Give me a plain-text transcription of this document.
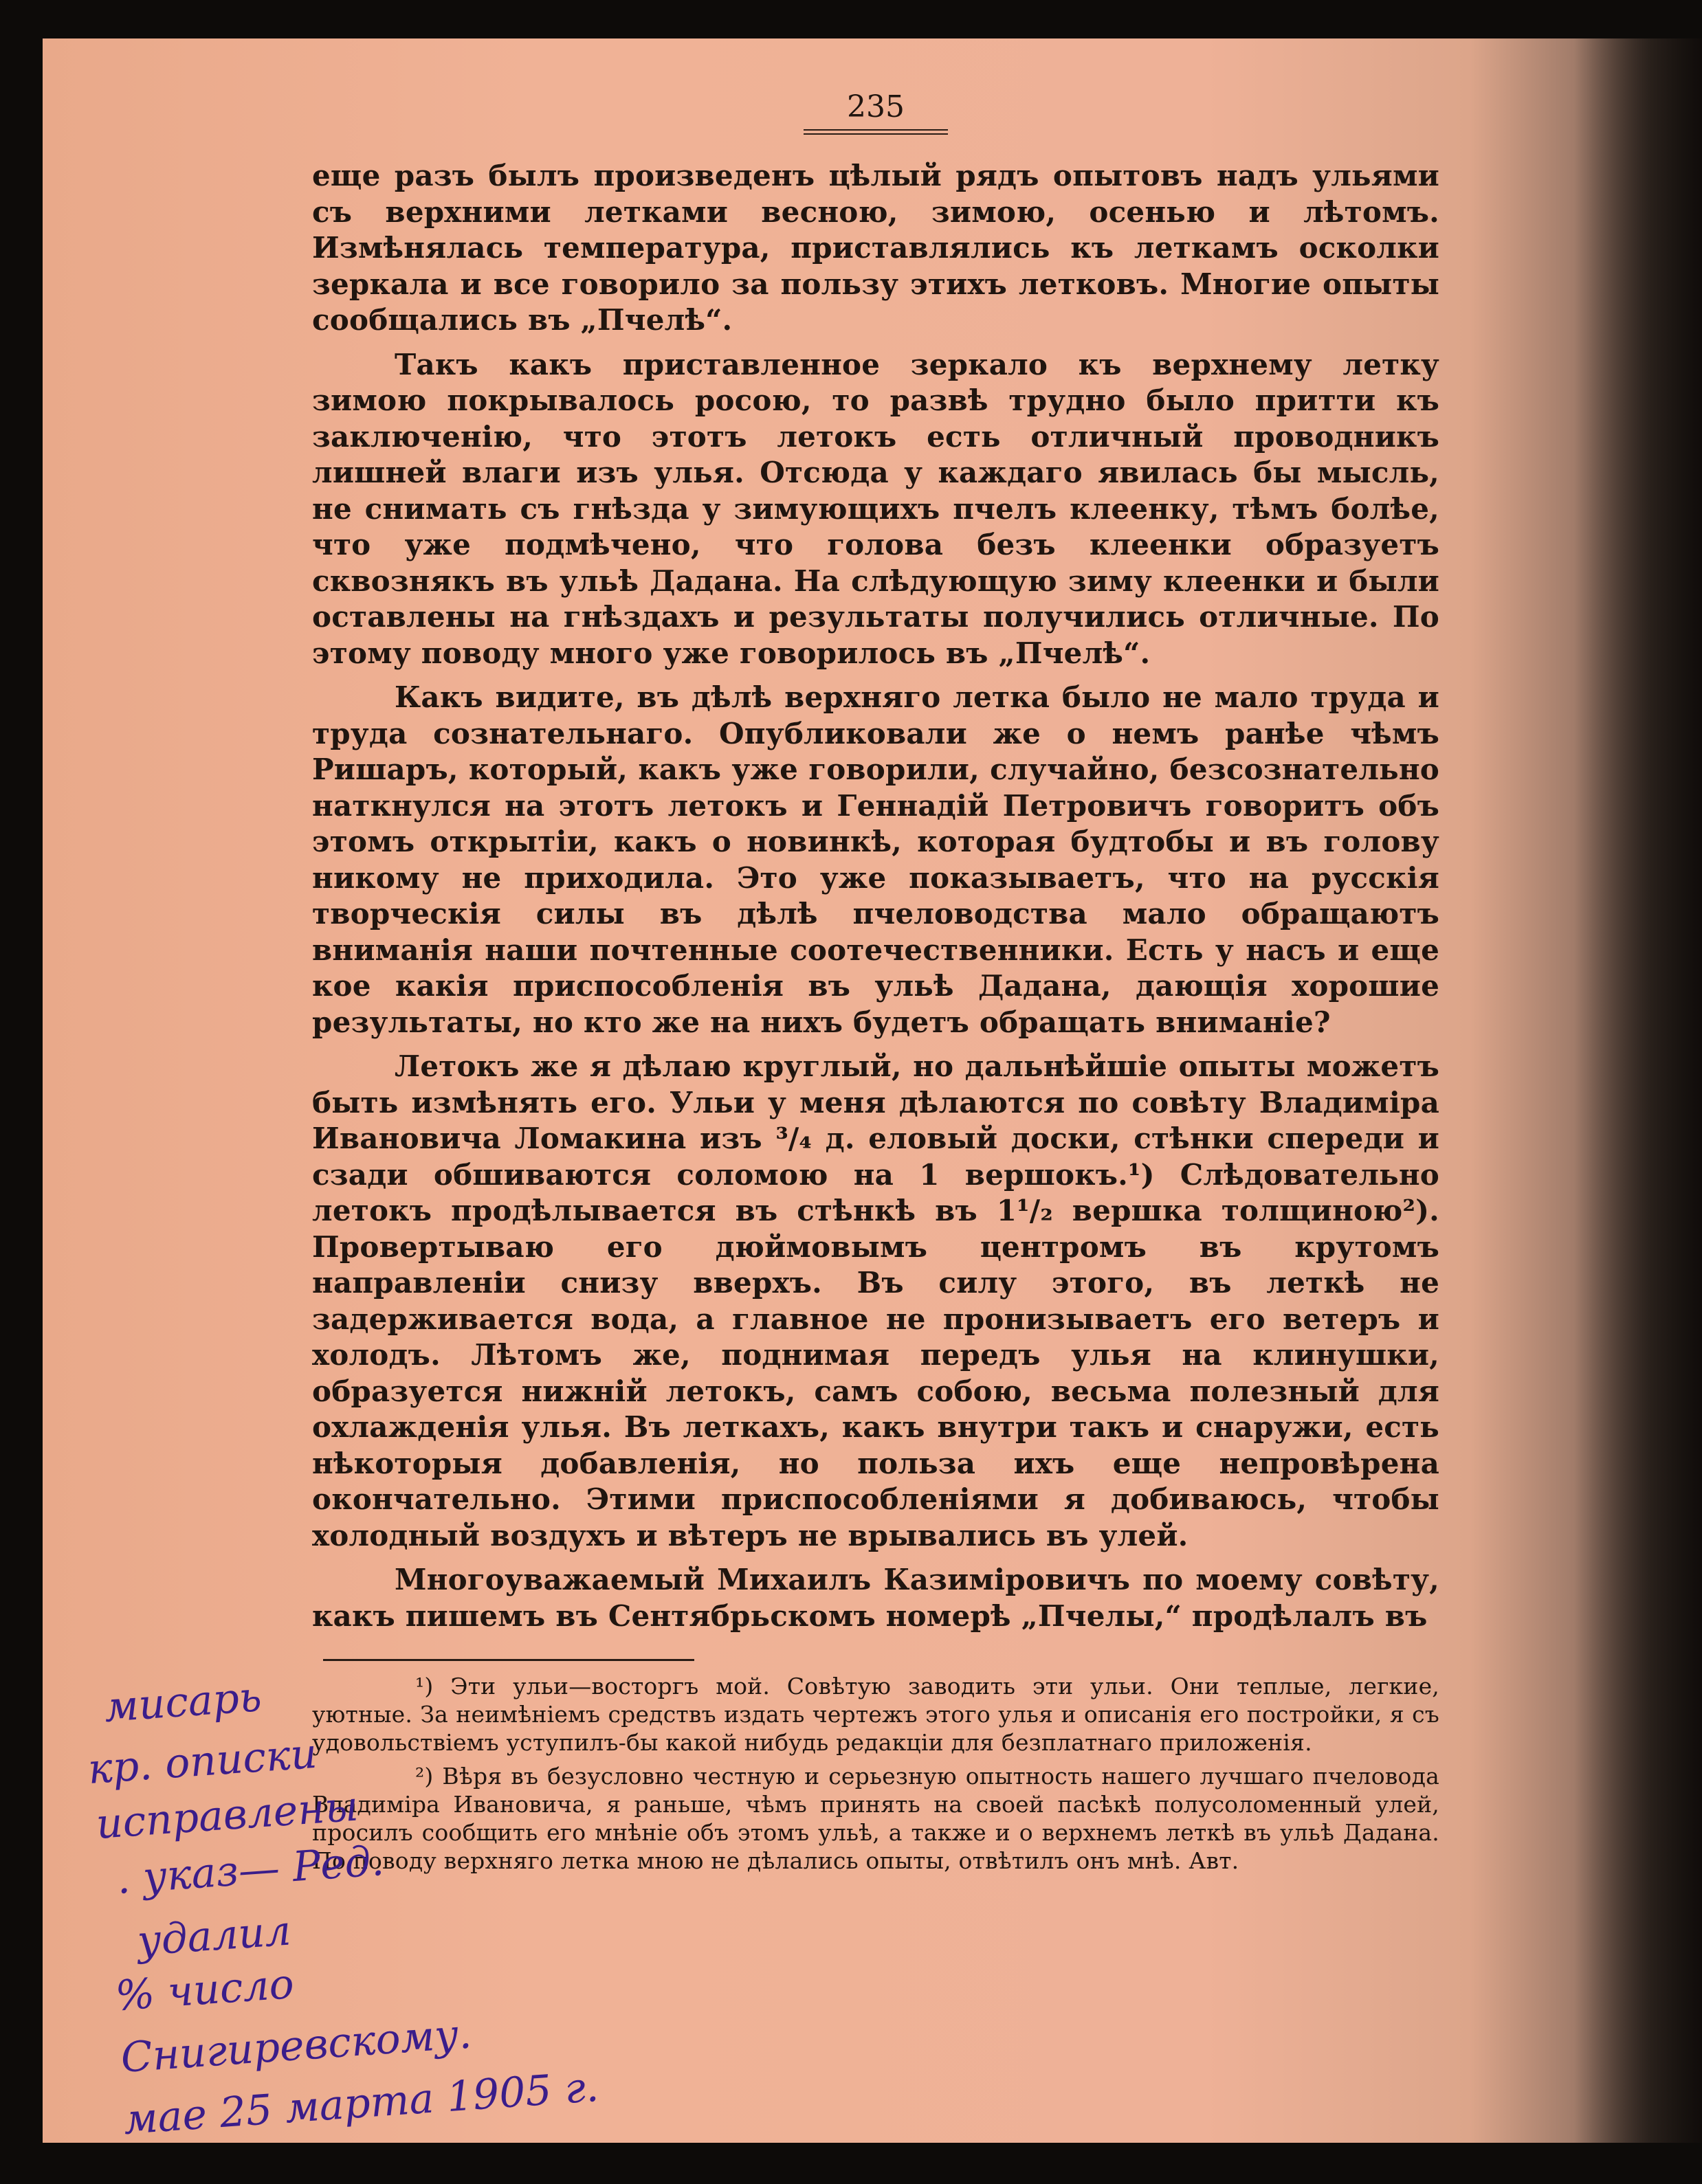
235

еще разъ былъ произведенъ цѣлый рядъ опытовъ надъ ульями съ верхними летками весною, зимою, осенью и лѣтомъ. Измѣнялась температура, приставлялись къ леткамъ осколки зеркала и все говорило за пользу этихъ летковъ. Многие опыты сообщались въ „Пчелѣ“.

Такъ какъ приставленное зеркало къ верхнему летку зимою покрывалось росою, то развѣ трудно было притти къ заключенiю, что этотъ летокъ есть отличный проводникъ лишней влаги изъ улья. Отсюда у каждаго явилась бы мысль, не снимать съ гнѣзда у зимующихъ пчелъ клеенку, тѣмъ болѣе, что уже подмѣчено, что голова безъ клеенки образуетъ сквознякъ въ ульѣ Дадана. На слѣдующую зиму клеенки и были оставлены на гнѣздахъ и результаты получились отличные. По этому поводу много уже говорилось въ „Пчелѣ“.

Какъ видите, въ дѣлѣ верхняго летка было не мало труда и труда сознательнаго. Опубликовали же о немъ ранѣе чѣмъ Ришаръ, который, какъ уже говорили, случайно, безсознательно наткнулся на этотъ летокъ и Геннадiй Петровичъ говоритъ объ этомъ открытiи, какъ о новинкѣ, которая будтобы и въ голову никому не приходила. Это уже показываетъ, что на русскiя творческiя силы въ дѣлѣ пчеловодства мало обращаютъ вниманiя наши почтенные соотечественники. Есть у насъ и еще кое какiя приспособленiя въ ульѣ Дадана, дающiя хорошие результаты, но кто же на нихъ будетъ обращать вниманiе?

Летокъ же я дѣлаю круглый, но дальнѣйшiе опыты можетъ быть измѣнять его. Ульи у меня дѣлаются по совѣту Владимiра Ивановича Ломакина изъ ³/₄ д. еловый доски, стѣнки спереди и сзади обшиваются соломою на 1 вершокъ.¹) Слѣдовательно летокъ продѣлывается въ стѣнкѣ въ 1¹/₂ вершка толщиною²). Провертываю его дюймовымъ центромъ въ крутомъ направленiи снизу вверхъ. Въ силу этого, въ леткѣ не задерживается вода, а главное не пронизываетъ его ветеръ и холодъ. Лѣтомъ же, поднимая передъ улья на клинушки, образуется нижнiй летокъ, самъ собою, весьма полезный для охлажденiя улья. Въ леткахъ, какъ внутри такъ и снаружи, есть нѣкоторыя добавленiя, но польза ихъ еще непровѣрена окончательно. Этими приспособленiями я добиваюсь, чтобы холодный воздухъ и вѣтеръ не врывались въ улей.

Многоуважаемый Михаилъ Казимiровичъ по моему совѣту, какъ пишемъ въ Сентябрьскомъ номерѣ „Пчелы,“ продѣлалъ въ

¹) Эти ульи—восторгъ мой. Совѣтую заводить эти ульи. Они теплые, легкие, уютные. За неимѣнiемъ средствъ издать чертежъ этого улья и описанiя его постройки, я съ удовольствiемъ уступилъ-бы какой нибудь редакцiи для безплатнаго приложенiя.

²) Вѣря въ безусловно честную и серьезную опытность нашего лучшаго пчеловода Владимiра Ивановича, я раньше, чѣмъ принять на своей пасѣкѣ полусоломенный улей, просилъ сообщить его мнѣнiе объ этомъ ульѣ, а также и о верхнемъ леткѣ въ ульѣ Дадана. По поводу верхняго летка мною не дѣлались опыты, отвѣтилъ онъ мнѣ. Авт.

мисарь
кр. описки
исправлены
. указ— Ред.
удалил
% число
Снигиревскому.
мае 25 марта 1905 г.
